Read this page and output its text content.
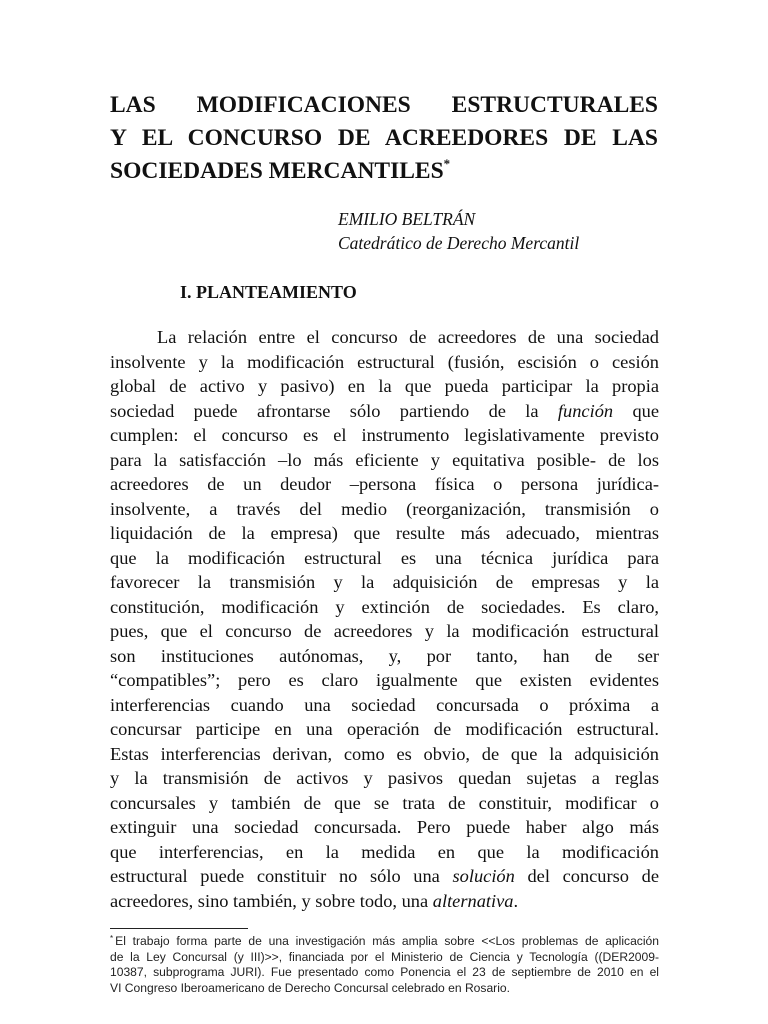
LAS MODIFICACIONES ESTRUCTURALES
Y EL CONCURSO DE ACREEDORES DE LAS
SOCIEDADES MERCANTILES*
EMILIO BELTRÁN
Catedrático de Derecho Mercantil
I. PLANTEAMIENTO
La relación entre el concurso de acreedores de una sociedad
insolvente y la modificación estructural (fusión, escisión o cesión
global de activo y pasivo) en la que pueda participar la propia
sociedad puede afrontarse sólo partiendo de la función que
cumplen: el concurso es el instrumento legislativamente previsto
para la satisfacción –lo más eficiente y equitativa posible- de los
acreedores de un deudor –persona física o persona jurídica-
insolvente, a través del medio (reorganización, transmisión o
liquidación de la empresa) que resulte más adecuado, mientras
que la modificación estructural es una técnica jurídica para
favorecer la transmisión y la adquisición de empresas y la
constitución, modificación y extinción de sociedades. Es claro,
pues, que el concurso de acreedores y la modificación estructural
son instituciones autónomas, y, por tanto, han de ser
“compatibles”; pero es claro igualmente que existen evidentes
interferencias cuando una sociedad concursada o próxima a
concursar participe en una operación de modificación estructural.
Estas interferencias derivan, como es obvio, de que la adquisición
y la transmisión de activos y pasivos quedan sujetas a reglas
concursales y también de que se trata de constituir, modificar o
extinguir una sociedad concursada. Pero puede haber algo más
que interferencias, en la medida en que la modificación
estructural puede constituir no sólo una solución del concurso de
acreedores, sino también, y sobre todo, una alternativa.
* El trabajo forma parte de una investigación más amplia sobre <<Los problemas de aplicación
de la Ley Concursal (y III)>>, financiada por el Ministerio de Ciencia y Tecnología ((DER2009-
10387, subprograma JURI). Fue presentado como Ponencia el 23 de septiembre de 2010 en el
VI Congreso Iberoamericano de Derecho Concursal celebrado en Rosario.
